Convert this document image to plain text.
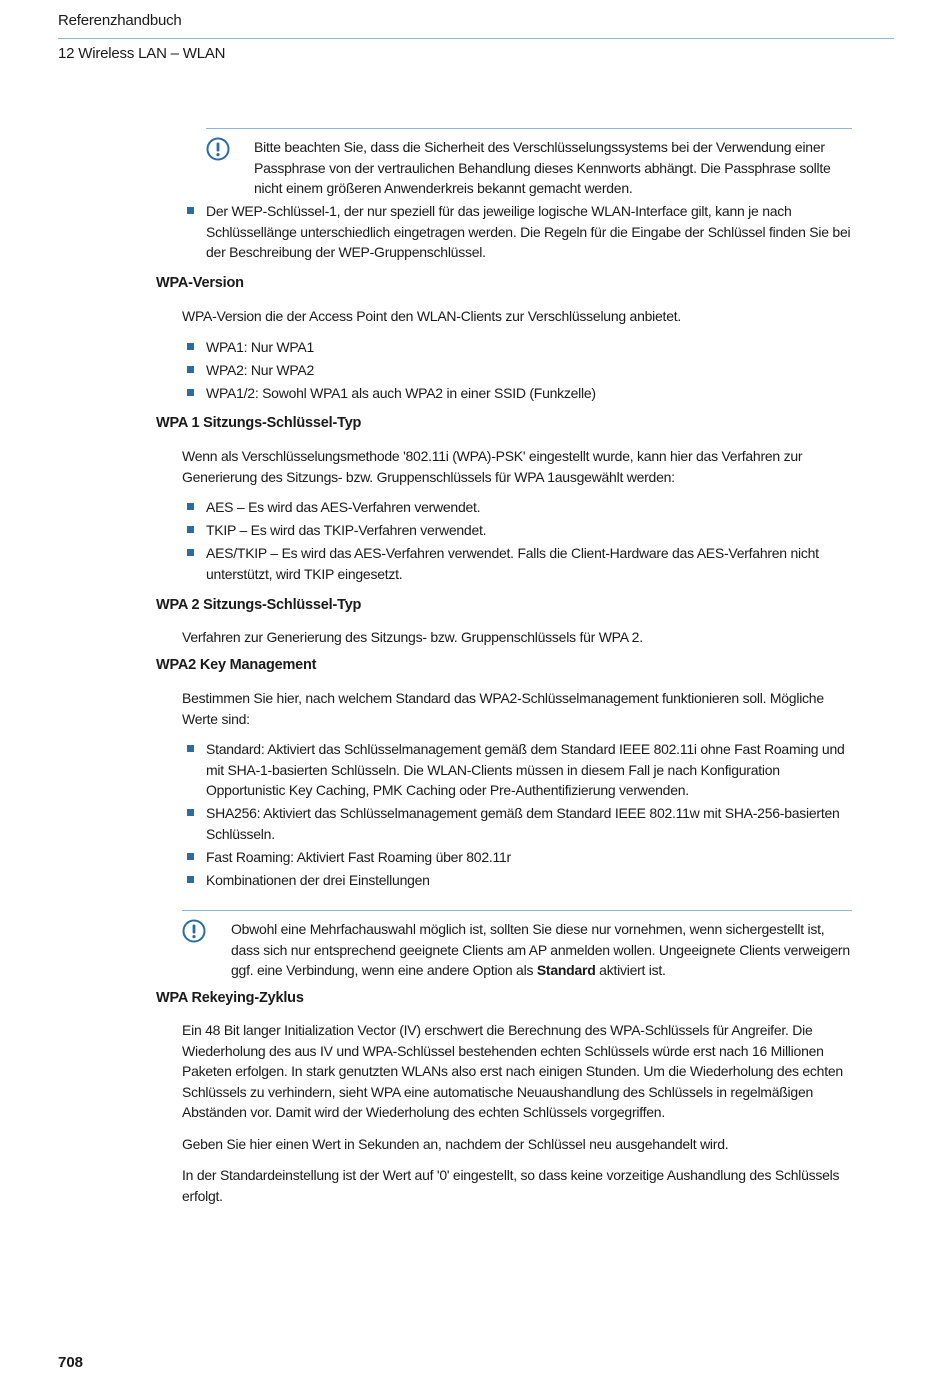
Referenzhandbuch
12 Wireless LAN – WLAN
Bitte beachten Sie, dass die Sicherheit des Verschlüsselungssystems bei der Verwendung einer Passphrase von der vertraulichen Behandlung dieses Kennworts abhängt. Die Passphrase sollte nicht einem größeren Anwenderkreis bekannt gemacht werden.
Der WEP-Schlüssel-1, der nur speziell für das jeweilige logische WLAN-Interface gilt, kann je nach Schlüssellänge unterschiedlich eingetragen werden. Die Regeln für die Eingabe der Schlüssel finden Sie bei der Beschreibung der WEP-Gruppenschlüssel.
WPA-Version

WPA-Version die der Access Point den WLAN-Clients zur Verschlüsselung anbietet.

WPA1: Nur WPA1
WPA2: Nur WPA2
WPA1/2: Sowohl WPA1 als auch WPA2 in einer SSID (Funkzelle)
WPA 1 Sitzungs-Schlüssel-Typ

Wenn als Verschlüsselungsmethode '802.11i (WPA)-PSK' eingestellt wurde, kann hier das Verfahren zur Generierung des Sitzungs- bzw. Gruppenschlüssels für WPA 1ausgewählt werden:

AES – Es wird das AES-Verfahren verwendet.
TKIP – Es wird das TKIP-Verfahren verwendet.
AES/TKIP – Es wird das AES-Verfahren verwendet. Falls die Client-Hardware das AES-Verfahren nicht unterstützt, wird TKIP eingesetzt.
WPA 2 Sitzungs-Schlüssel-Typ

Verfahren zur Generierung des Sitzungs- bzw. Gruppenschlüssels für WPA 2.

WPA2 Key Management

Bestimmen Sie hier, nach welchem Standard das WPA2-Schlüsselmanagement funktionieren soll. Mögliche Werte sind:

Standard: Aktiviert das Schlüsselmanagement gemäß dem Standard IEEE 802.11i ohne Fast Roaming und mit SHA-1-basierten Schlüsseln. Die WLAN-Clients müssen in diesem Fall je nach Konfiguration Opportunistic Key Caching, PMK Caching oder Pre-Authentifizierung verwenden.
SHA256: Aktiviert das Schlüsselmanagement gemäß dem Standard IEEE 802.11w mit SHA-256-basierten Schlüsseln.
Fast Roaming: Aktiviert Fast Roaming über 802.11r
Kombinationen der drei Einstellungen
Obwohl eine Mehrfachauswahl möglich ist, sollten Sie diese nur vornehmen, wenn sichergestellt ist, dass sich nur entsprechend geeignete Clients am AP anmelden wollen. Ungeeignete Clients verweigern ggf. eine Verbindung, wenn eine andere Option als Standard aktiviert ist.
WPA Rekeying-Zyklus

Ein 48 Bit langer Initialization Vector (IV) erschwert die Berechnung des WPA-Schlüssels für Angreifer. Die Wiederholung des aus IV und WPA-Schlüssel bestehenden echten Schlüssels würde erst nach 16 Millionen Paketen erfolgen. In stark genutzten WLANs also erst nach einigen Stunden. Um die Wiederholung des echten Schlüssels zu verhindern, sieht WPA eine automatische Neuaushandlung des Schlüssels in regelmäßigen Abständen vor. Damit wird der Wiederholung des echten Schlüssels vorgegriffen.

Geben Sie hier einen Wert in Sekunden an, nachdem der Schlüssel neu ausgehandelt wird.

In der Standardeinstellung ist der Wert auf '0' eingestellt, so dass keine vorzeitige Aushandlung des Schlüssels erfolgt.

708
